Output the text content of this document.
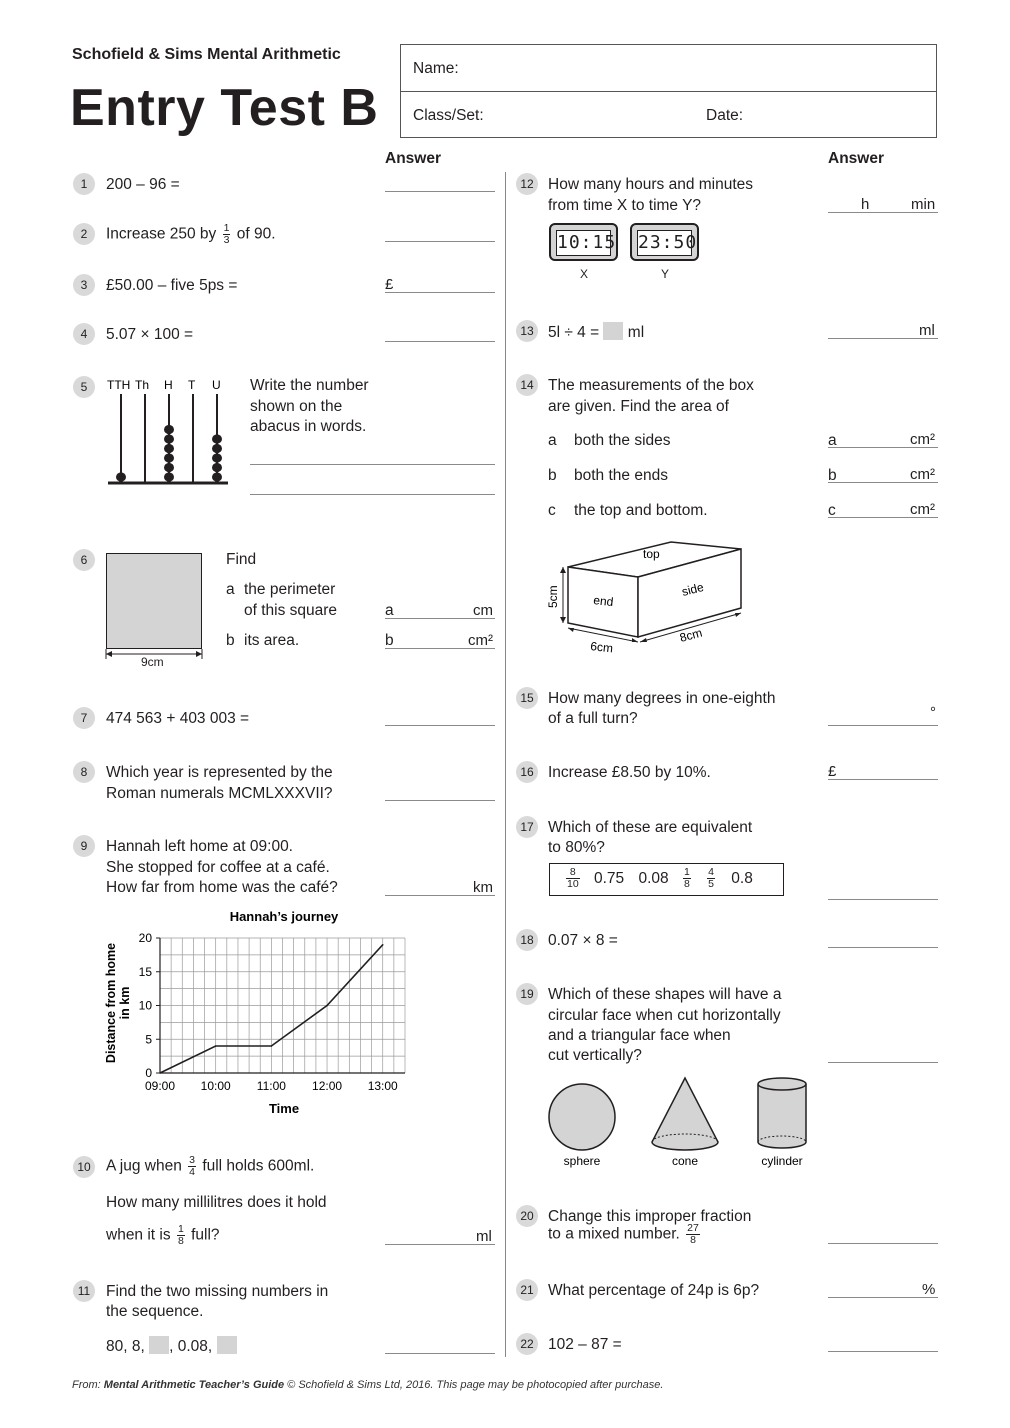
Schofield & Sims Mental Arithmetic
Entry Test B
Name:
Class/Set:	Date:
Answer	Answer
1	200 – 96 =
2	Increase 250 by $\frac{1}{3}$ of 90.
3	£50.00 – five 5ps =	£
4	5.07 × 100 =
5	TTH Th H T U Write the number
shown on the
abacus in words.
6
9cm
Find
a the perimeter
of this square
b its area.
a	cm
b	cm²
7	474 563 + 403 003 =
8	Which year is represented by the
Roman numerals MCMLXXXVII?
9	Hannah left home at 09:00.
She stopped for coffee at a café.
How far from home was the café?	km
Hannah’s journey
Time
Distance from home in km
0
5
10
15
20
09:00 10:00 11:00 12:00 13:00
10 A jug when $\frac{3}{4}$ full holds 600ml.
How many millilitres does it hold
when it is $\frac{1}{8}$ full?	ml
11	Find the two missing numbers in
the sequence.
80, 8, , 0.08,
12 How many hours and minutes
from time X to time Y?
10:15 23:50
X	Y
h	min
13 5l ÷ 4 = ml	ml
14 The measurements of the box
are given. Find the area of
a both the sides
b both the ends
c the top and bottom.
a	cm²
b	cm²
c	cm²
top
end
side
5cm
6cm
8cm
15 How many degrees in one-eighth
of a full turn?	°
16 Increase £8.50 by 10%.	£
17 Which of these are equivalent
to 80%?
$\frac{8}{10} 0.75$ $0.08 \frac{1}{8}$
$\frac{4}{5} 0.8$
18 0.07 × 8 =
19 Which of these shapes will have a
circular face when cut horizontally
and a triangular face when
cut vertically?
sphere	cone	cylinder
20 Change this improper fraction
to a mixed number. $\frac{27}{8}$
21 What percentage of 24p is 6p?	%
22 102 – 87 =
From: Mental Arithmetic Teacher’s Guide © Schofield & Sims Ltd, 2016. This page may be photocopied after purchase.
